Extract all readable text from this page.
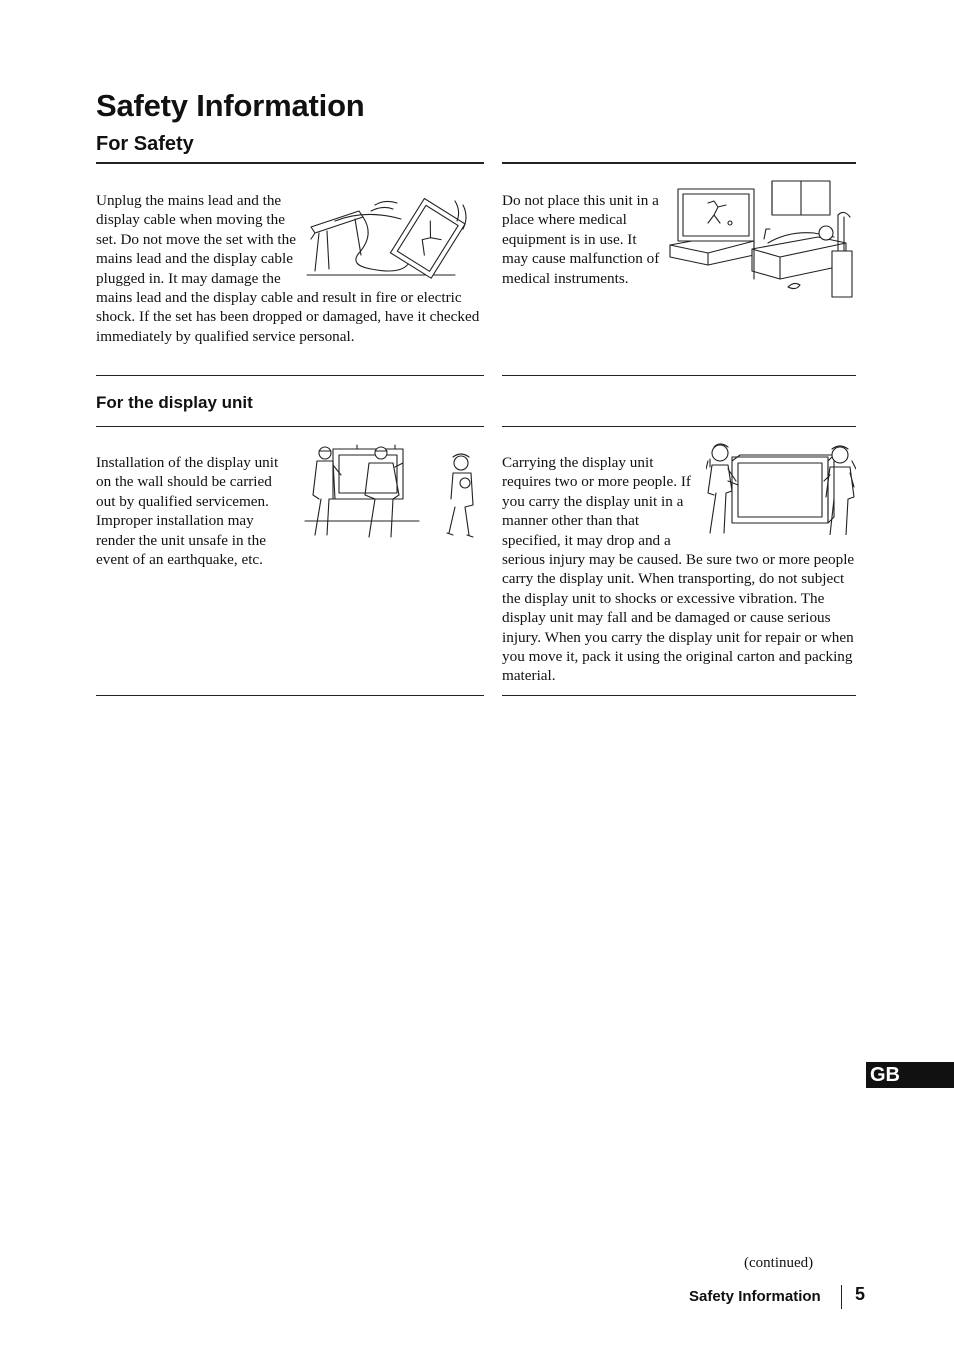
Safety Information
For Safety

Unplug the mains lead and the display cable when moving the set. Do not move the set with the mains lead and the display cable plugged in. It may damage the mains lead and the display cable and result in fire or electric shock. If the set has been dropped or damaged, have it checked immediately by qualified service personal.

Do not place this unit in a place where medical equipment is in use. It may cause malfunction of medical instruments.

For the display unit

Installation of the display unit on the wall should be carried out by qualified servicemen. Improper installation may render the unit unsafe in the event of an earthquake, etc.

Carrying the display unit requires two or more people. If you carry the display unit in a manner other than that specified, it may drop and a serious injury may be caused. Be sure two or more people carry the display unit. When transporting, do not subject the display unit to shocks or excessive vibration. The display unit may fall and be damaged or cause serious injury. When you carry the display unit for repair or when you move it, pack it using the original carton and packing material.

GB
(continued)
Safety Information 5
